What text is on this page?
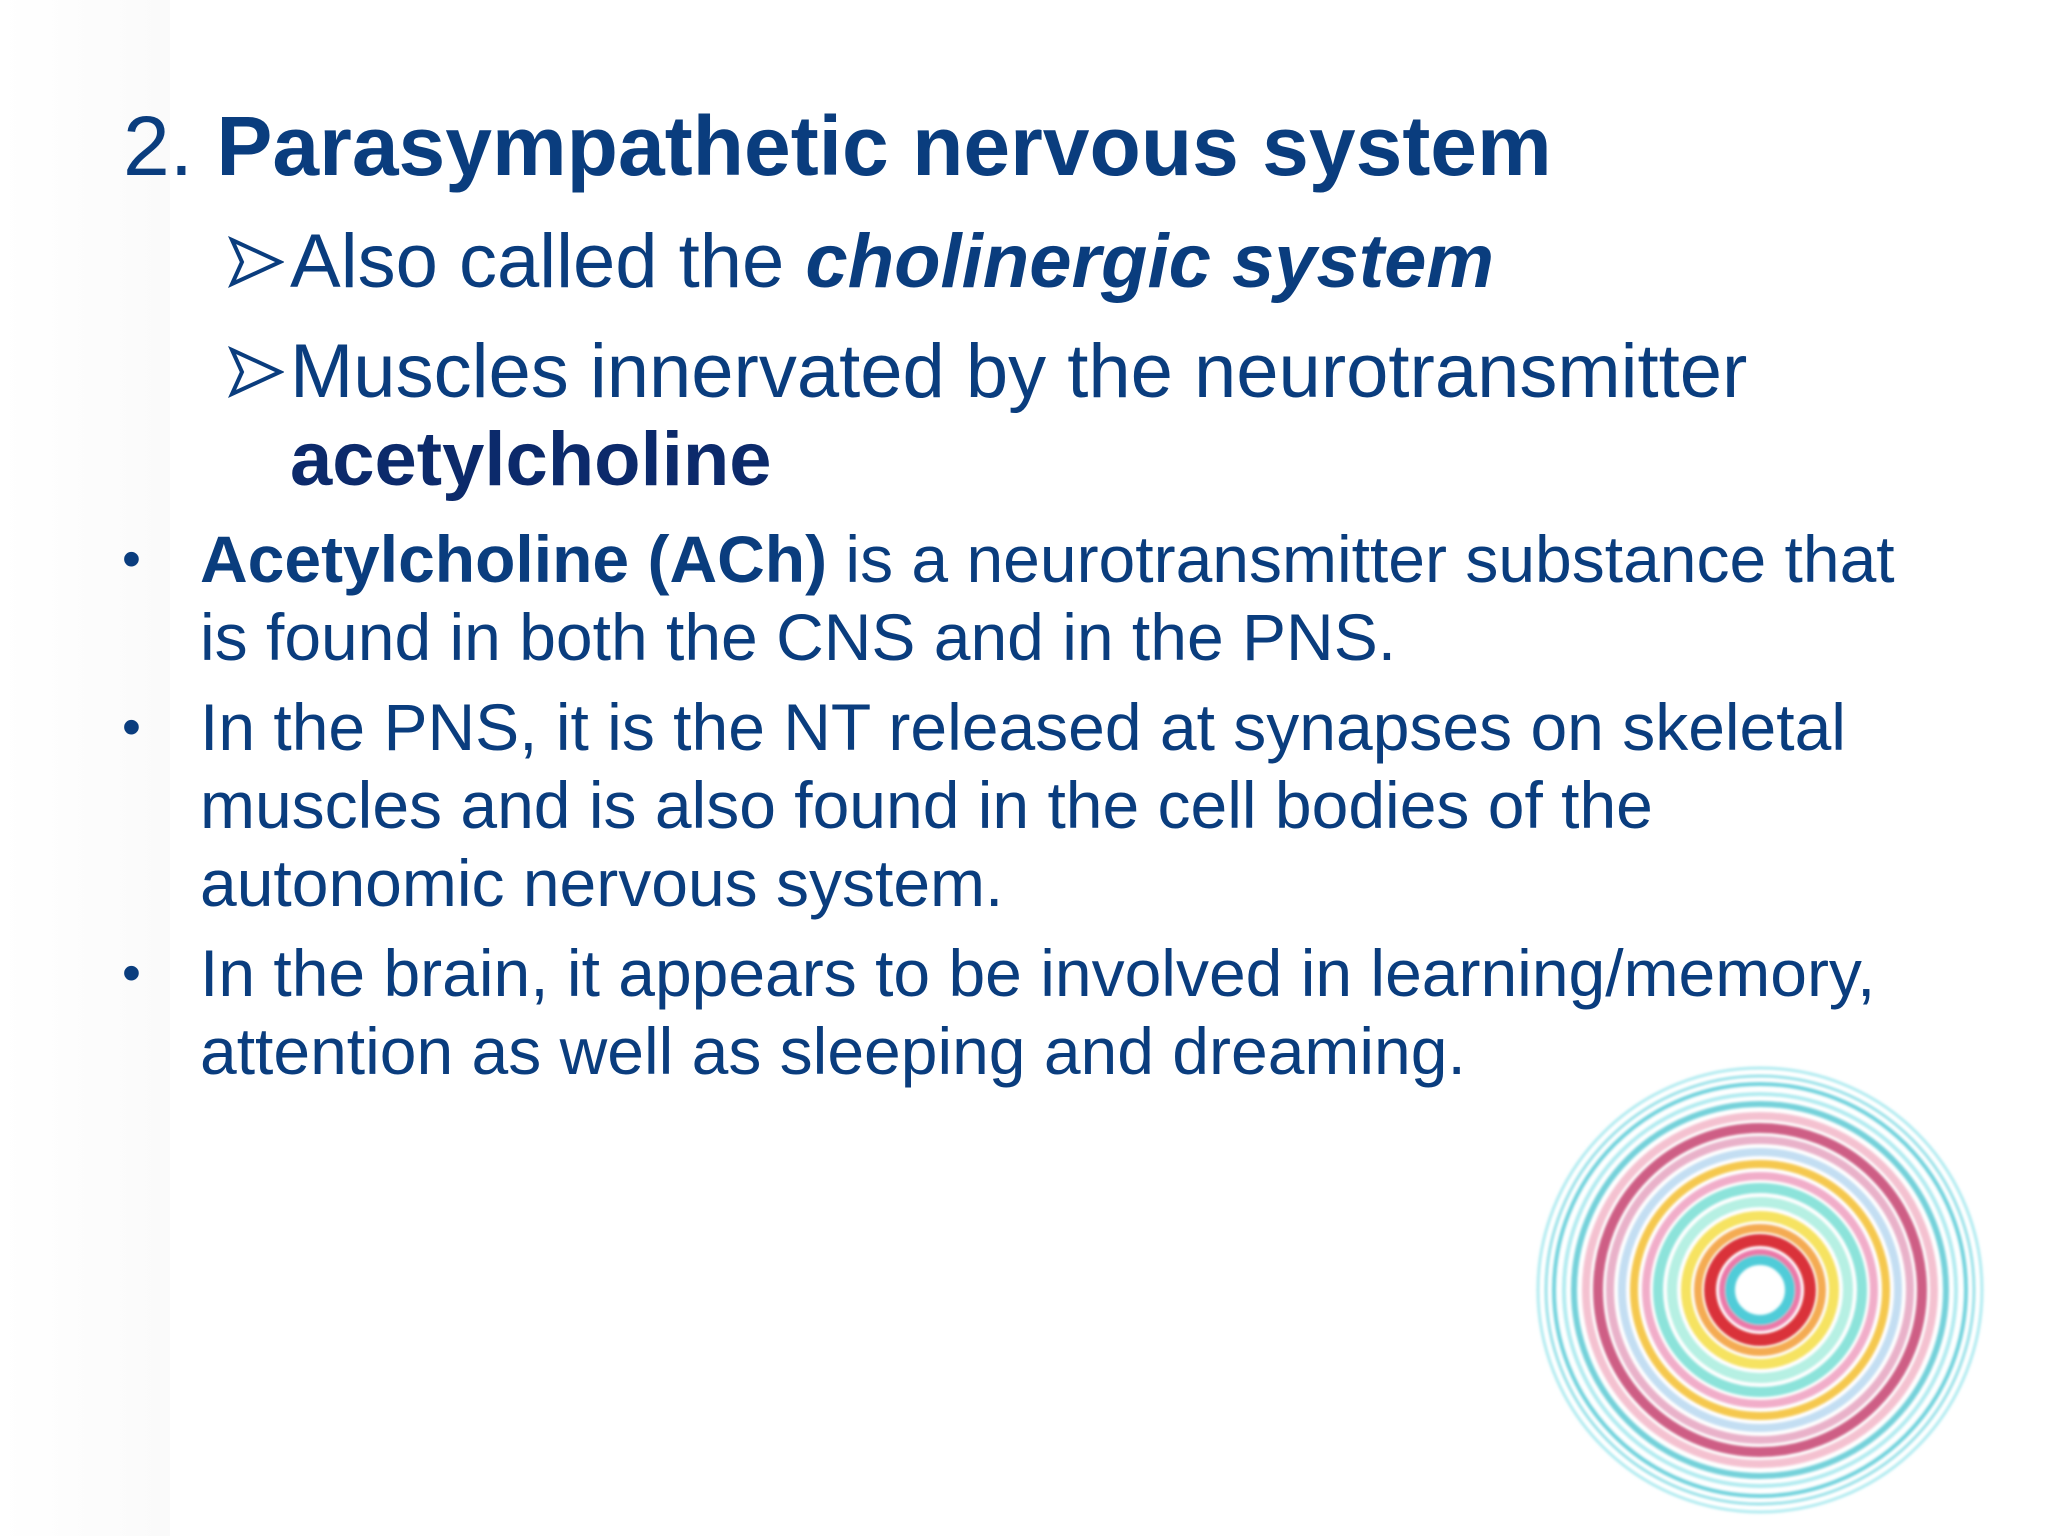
2. Parasympathetic nervous system
Also called the cholinergic system
Muscles innervated by the neurotransmitter acetylcholine
• Acetylcholine (ACh) is a neurotransmitter substance that is found in both the CNS and in the PNS.
• In the PNS, it is the NT released at synapses on skeletal muscles and is also found in the cell bodies of the autonomic nervous system.
• In the brain, it appears to be involved in learning/memory, attention as well as sleeping and dreaming.
